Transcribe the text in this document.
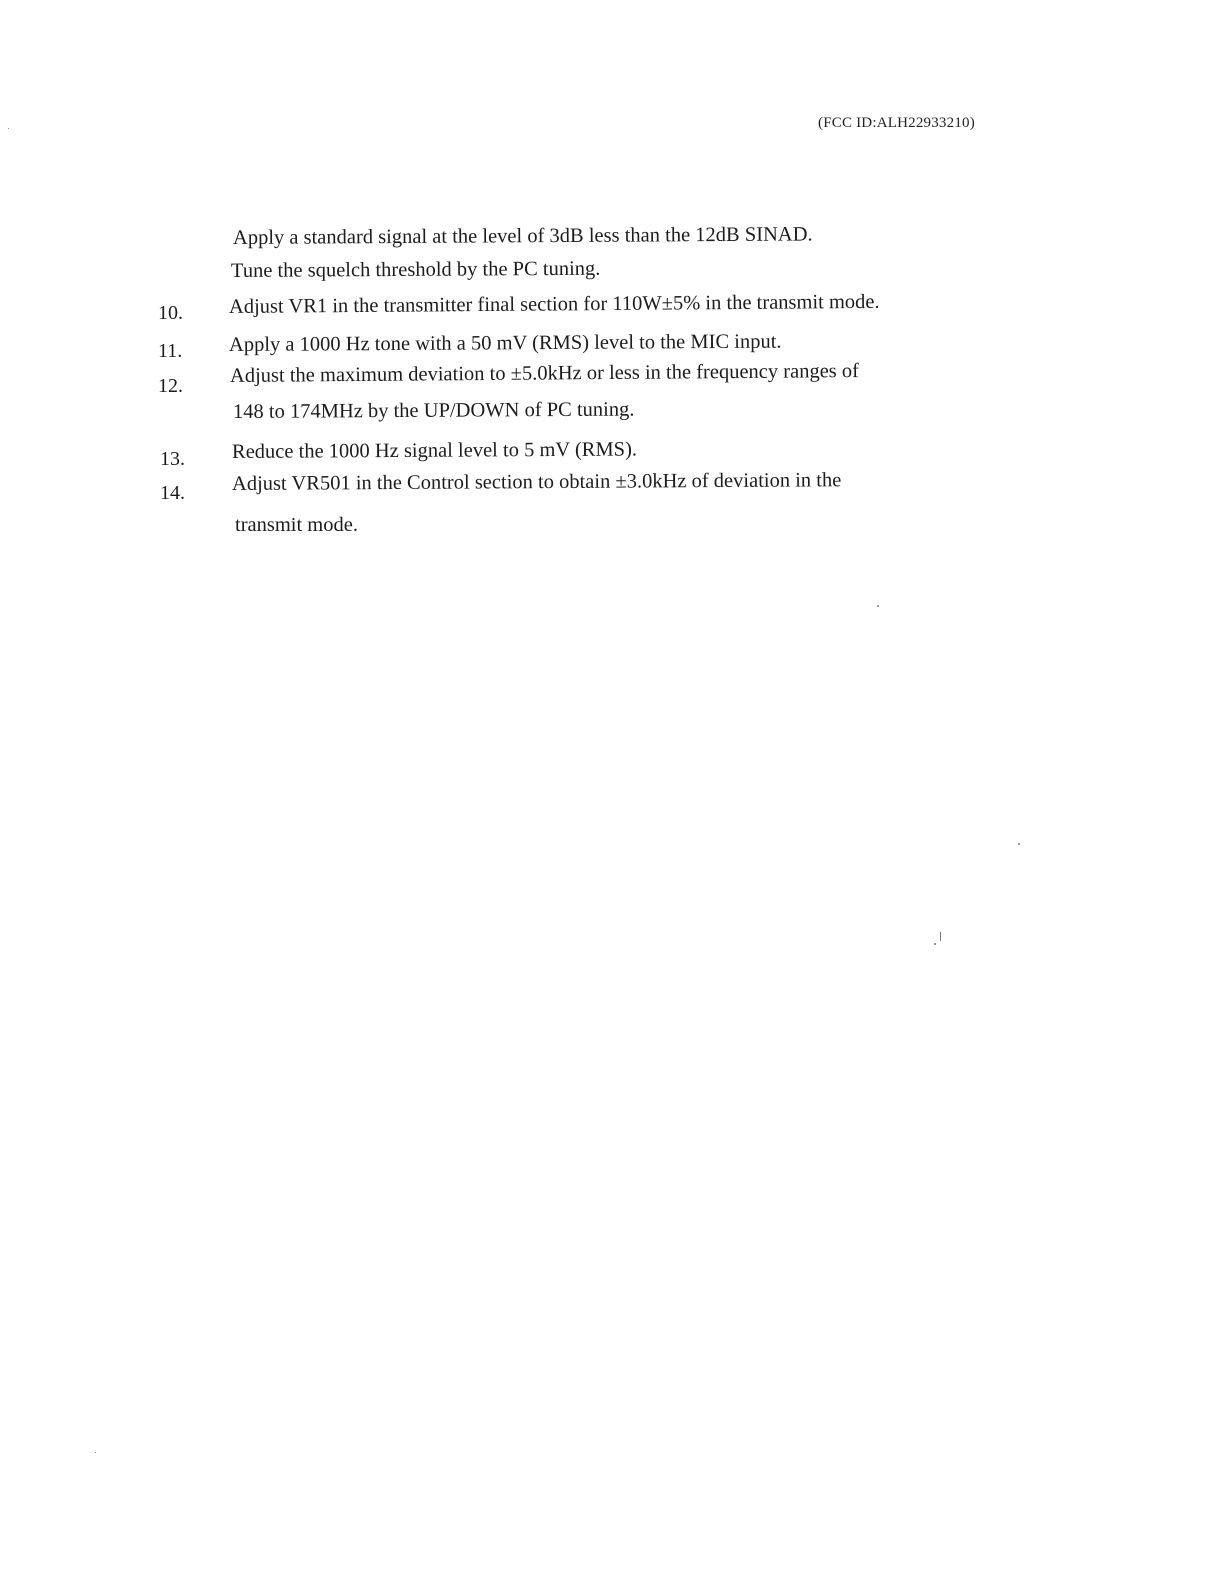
(FCC ID:ALH22933210)
Apply a standard signal at the level of 3dB less than the 12dB SINAD.
Tune the squelch threshold by the PC tuning.
10. Adjust VR1 in the transmitter final section for 110W±5% in the transmit mode.
11. Apply a 1000 Hz tone with a 50 mV (RMS) level to the MIC input.
12. Adjust the maximum deviation to ±5.0kHz or less in the frequency ranges of
148 to 174MHz by the UP/DOWN of PC tuning.
13. Reduce the 1000 Hz signal level to 5 mV (RMS).
14. Adjust VR501 in the Control section to obtain ±3.0kHz of deviation in the
transmit mode.
